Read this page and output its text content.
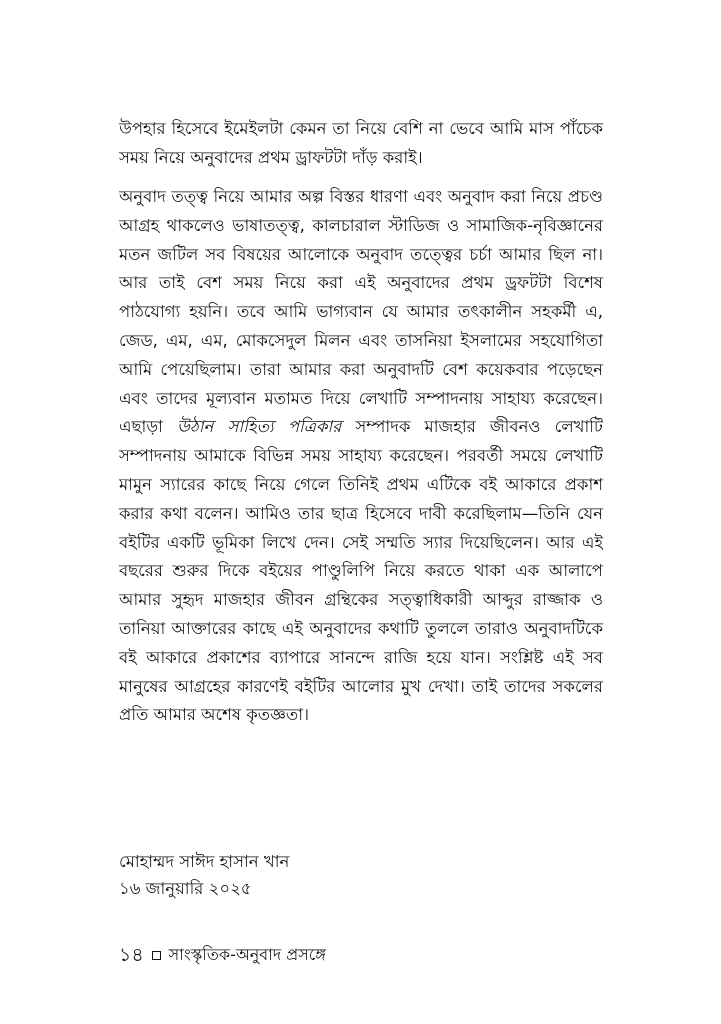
উপহার হিসেবে ইমেইলটা কেমন তা নিয়ে বেশি না ভেবে আমি মাস পাঁচেক সময় নিয়ে অনুবাদের প্রথম ড্রাফটটা দাঁড় করাই।

অনুবাদ তত্ত্ব নিয়ে আমার অল্প বিস্তর ধারণা এবং অনুবাদ করা নিয়ে প্রচণ্ড আগ্রহ থাকলেও ভাষাতত্ত্ব, কালচারাল স্টাডিজ ও সামাজিক-নৃবিজ্ঞানের মতন জটিল সব বিষয়ের আলোকে অনুবাদ তত্ত্বের চর্চা আমার ছিল না। আর তাই বেশ সময় নিয়ে করা এই অনুবাদের প্রথম ড্রফটটা বিশেষ পাঠযোগ্য হয়নি। তবে আমি ভাগ্যবান যে আমার তৎকালীন সহকর্মী এ, জেড, এম, এম, মোকসেদুল মিলন এবং তাসনিয়া ইসলামের সহযোগিতা আমি পেয়েছিলাম। তারা আমার করা অনুবাদটি বেশ কয়েকবার পড়েছেন এবং তাদের মূল্যবান মতামত দিয়ে লেখাটি সম্পাদনায় সাহায্য করেছেন। এছাড়া উঠান সাহিত্য পত্রিকার সম্পাদক মাজহার জীবনও লেখাটি সম্পাদনায় আমাকে বিভিন্ন সময় সাহায্য করেছেন। পরবর্তী সময়ে লেখাটি মামুন স্যারের কাছে নিয়ে গেলে তিনিই প্রথম এটিকে বই আকারে প্রকাশ করার কথা বলেন। আমিও তার ছাত্র হিসেবে দাবী করেছিলাম—তিনি যেন বইটির একটি ভূমিকা লিখে দেন। সেই সম্মতি স্যার দিয়েছিলেন। আর এই বছরের শুরুর দিকে বইয়ের পাণ্ডুলিপি নিয়ে করতে থাকা এক আলাপে আমার সুহৃদ মাজহার জীবন গ্রন্থিকের সত্ত্বাধিকারী আব্দুর রাজ্জাক ও তানিয়া আক্তারের কাছে এই অনুবাদের কথাটি তুললে তারাও অনুবাদটিকে বই আকারে প্রকাশের ব্যাপারে সানন্দে রাজি হয়ে যান। সংশ্লিষ্ট এই সব মানুষের আগ্রহের কারণেই বইটির আলোর মুখ দেখা। তাই তাদের সকলের প্রতি আমার অশেষ কৃতজ্ঞতা।

মোহাম্মদ সাঈদ হাসান খান
১৬ জানুয়ারি ২০২৫
১৪ সাংস্কৃতিক-অনুবাদ প্রসঙ্গে
